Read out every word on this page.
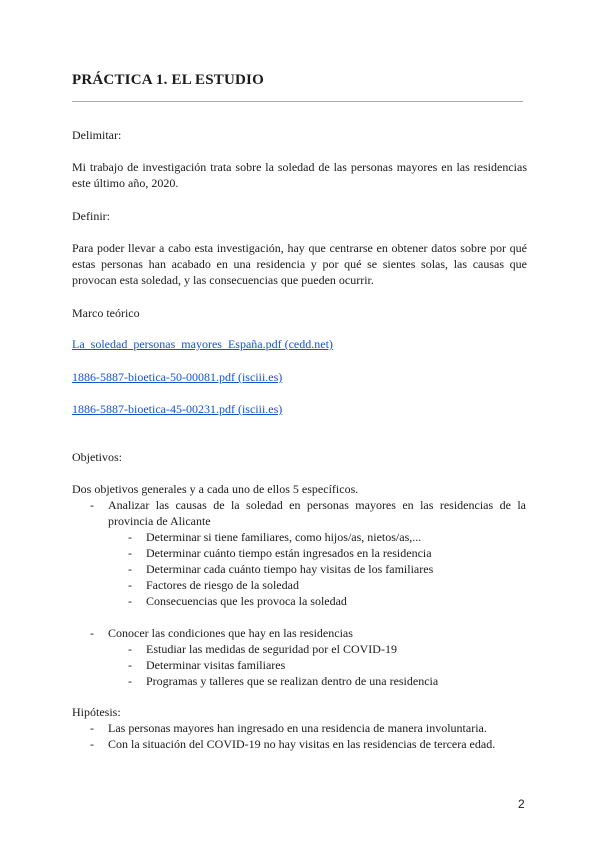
PRÁCTICA 1. EL ESTUDIO

Delimitar:

Mi trabajo de investigación trata sobre la soledad de las personas mayores en las residencias este último año, 2020.

Definir:

Para poder llevar a cabo esta investigación, hay que centrarse en obtener datos sobre por qué estas personas han acabado en una residencia y por qué se sientes solas, las causas que provocan esta soledad, y las consecuencias que pueden ocurrir.

Marco teórico

La_soledad_personas_mayores_España.pdf (cedd.net)
1886-5887-bioetica-50-00081.pdf (isciii.es)
1886-5887-bioetica-45-00231.pdf (isciii.es)

Objetivos:

Dos objetivos generales y a cada uno de ellos 5 específicos.

- Analizar las causas de la soledad en personas mayores en las residencias de la provincia de Alicante
- Determinar si tiene familiares, como hijos/as, nietos/as,...
- Determinar cuánto tiempo están ingresados en la residencia
- Determinar cada cuánto tiempo hay visitas de los familiares
- Factores de riesgo de la soledad
- Consecuencias que les provoca la soledad
- Conocer las condiciones que hay en las residencias
- Estudiar las medidas de seguridad por el COVID-19
- Determinar visitas familiares
- Programas y talleres que se realizan dentro de una residencia

Hipótesis:

- Las personas mayores han ingresado en una residencia de manera involuntaria.
- Con la situación del COVID-19 no hay visitas en las residencias de tercera edad.
2
